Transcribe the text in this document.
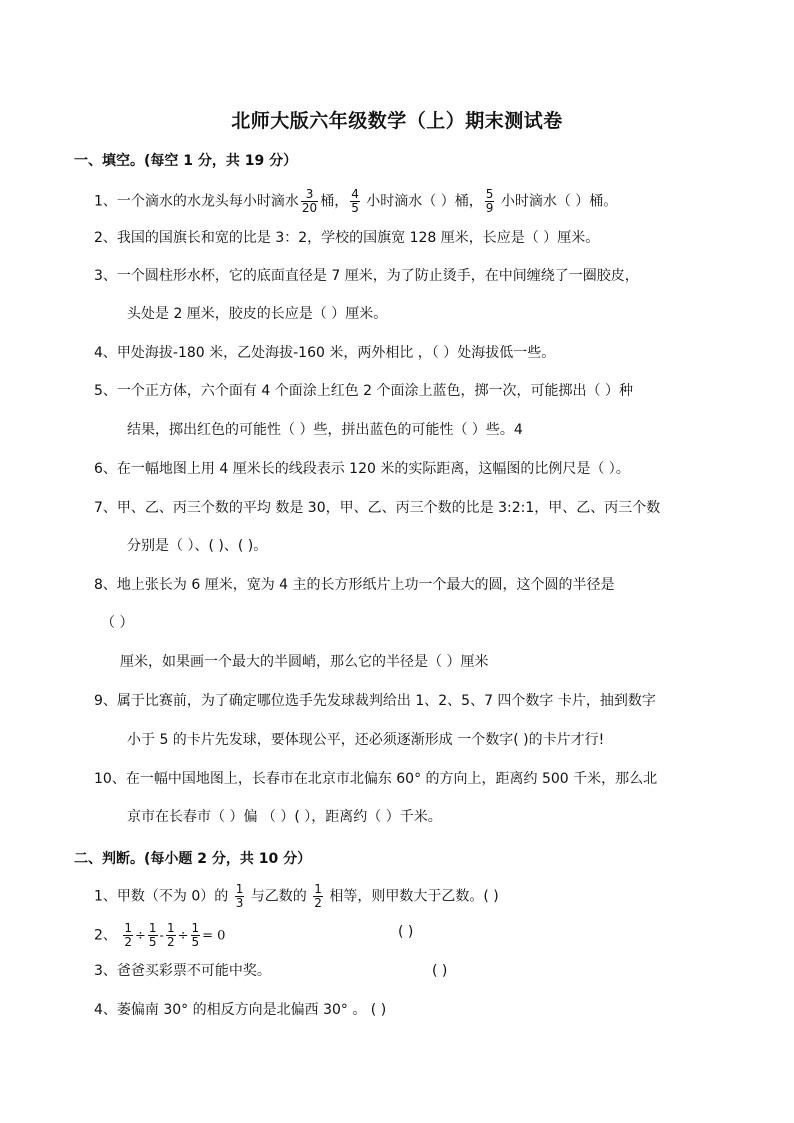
北师大版六年级数学（上）期末测试卷
一、填空。(每空 1 分，共 19 分）
1、一个滴水的水龙头每小时滴水 $\frac{3}{20}$ 桶， $\frac{4}{5}$ 小时滴水（ ）桶， $\frac{5}{9}$ 小时滴水（ ）桶。
2、我国的国旗长和宽的比是 3：2，学校的国旗宽 128 厘米，长应是（ ）厘米。
3、一个圆柱形水杯，它的底面直径是 7 厘米，为了防止烫手，在中间缠绕了一圈胶皮，
头处是 2 厘米，胶皮的长应是（ ）厘米。
4、甲处海拔-180 米，乙处海拔-160 米，两外相比 ，（ ）处海拔低一些。
5、一个正方体，六个面有 4 个面涂上红色 2 个面涂上蓝色，掷一次，可能掷出（ ）种
结果，掷出红色的可能性（ ）些，拼出蓝色的可能性（ ）些。4
6、在一幅地图上用 4 厘米长的线段表示 120 米的实际距离，这幅图的比例尺是（ ）。
7、甲、乙、丙三个数的平均 数是 30，甲、乙、丙三个数的比是 3:2:1，甲、乙、丙三个数
分别是（ ）、( )、( )。
8、地上张长为 6 厘米，宽为 4 主的长方形纸片上功一个最大的圆，这个圆的半径是
（ ）
厘米，如果画一个最大的半圆峭，那么它的半径是（ ）厘米
9、属于比赛前，为了确定哪位选手先发球裁判给出 1、2、5、7 四个数字 卡片，抽到数字
小于 5 的卡片先发球，要体现公平，还必须逐渐形成 一个数字( )的卡片才行!
10、在一幅中国地图上，长春市在北京市北偏东 60° 的方向上，距离约 500 千米，那么北
京市在长春市（ ）偏 （ ）( ），距离约（ ）千米。
二、判断。(每小题 2 分，共 10 分）
1、甲数（不为 0）的 $\frac{1}{3}$ 与乙数的 $\frac{1}{2}$ 相等，则甲数大于乙数。( )
2、 $\frac{1}{2} \div \frac{1}{5} - \frac{1}{2} \div \frac{1}{5} = 0$	( )
3、爸爸买彩票不可能中奖。	( )
4、萎偏南 30° 的相反方向是北偏西 30° 。 ( )
